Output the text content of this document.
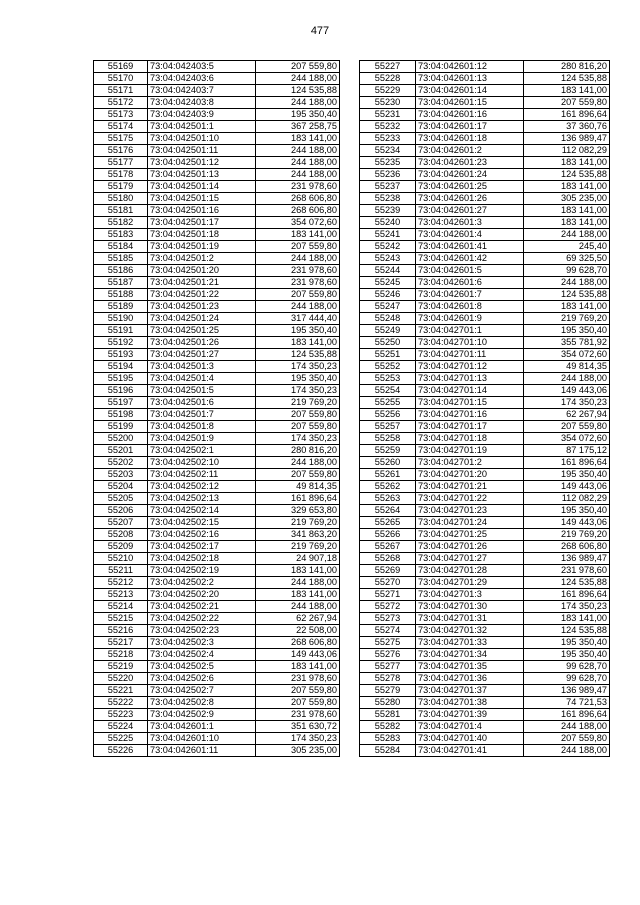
477
55169	73:04:042403:5	207 559,80
55170	73:04:042403:6	244 188,00
55171	73:04:042403:7	124 535,88
55172	73:04:042403:8	244 188,00
55173	73:04:042403:9	195 350,40
55174	73:04:042501:1	367 258,75
55175	73:04:042501:10	183 141,00
55176	73:04:042501:11	244 188,00
55177	73:04:042501:12	244 188,00
55178	73:04:042501:13	244 188,00
55179	73:04:042501:14	231 978,60
55180	73:04:042501:15	268 606,80
55181	73:04:042501:16	268 606,80
55182	73:04:042501:17	354 072,60
55183	73:04:042501:18	183 141,00
55184	73:04:042501:19	207 559,80
55185	73:04:042501:2	244 188,00
55186	73:04:042501:20	231 978,60
55187	73:04:042501:21	231 978,60
55188	73:04:042501:22	207 559,80
55189	73:04:042501:23	244 188,00
55190	73:04:042501:24	317 444,40
55191	73:04:042501:25	195 350,40
55192	73:04:042501:26	183 141,00
55193	73:04:042501:27	124 535,88
55194	73:04:042501:3	174 350,23
55195	73:04:042501:4	195 350,40
55196	73:04:042501:5	174 350,23
55197	73:04:042501:6	219 769,20
55198	73:04:042501:7	207 559,80
55199	73:04:042501:8	207 559,80
55200	73:04:042501:9	174 350,23
55201	73:04:042502:1	280 816,20
55202	73:04:042502:10	244 188,00
55203	73:04:042502:11	207 559,80
55204	73:04:042502:12	49 814,35
55205	73:04:042502:13	161 896,64
55206	73:04:042502:14	329 653,80
55207	73:04:042502:15	219 769,20
55208	73:04:042502:16	341 863,20
55209	73:04:042502:17	219 769,20
55210	73:04:042502:18	24 907,18
55211	73:04:042502:19	183 141,00
55212	73:04:042502:2	244 188,00
55213	73:04:042502:20	183 141,00
55214	73:04:042502:21	244 188,00
55215	73:04:042502:22	62 267,94
55216	73:04:042502:23	22 508,00
55217	73:04:042502:3	268 606,80
55218	73:04:042502:4	149 443,06
55219	73:04:042502:5	183 141,00
55220	73:04:042502:6	231 978,60
55221	73:04:042502:7	207 559,80
55222	73:04:042502:8	207 559,80
55223	73:04:042502:9	231 978,60
55224	73:04:042601:1	351 630,72
55225	73:04:042601:10	174 350,23
55226	73:04:042601:11	305 235,00
55227	73:04:042601:12	280 816,20
55228	73:04:042601:13	124 535,88
55229	73:04:042601:14	183 141,00
55230	73:04:042601:15	207 559,80
55231	73:04:042601:16	161 896,64
55232	73:04:042601:17	37 360,76
55233	73:04:042601:18	136 989,47
55234	73:04:042601:2	112 082,29
55235	73:04:042601:23	183 141,00
55236	73:04:042601:24	124 535,88
55237	73:04:042601:25	183 141,00
55238	73:04:042601:26	305 235,00
55239	73:04:042601:27	183 141,00
55240	73:04:042601:3	183 141,00
55241	73:04:042601:4	244 188,00
55242	73:04:042601:41	245,40
55243	73:04:042601:42	69 325,50
55244	73:04:042601:5	99 628,70
55245	73:04:042601:6	244 188,00
55246	73:04:042601:7	124 535,88
55247	73:04:042601:8	183 141,00
55248	73:04:042601:9	219 769,20
55249	73:04:042701:1	195 350,40
55250	73:04:042701:10	355 781,92
55251	73:04:042701:11	354 072,60
55252	73:04:042701:12	49 814,35
55253	73:04:042701:13	244 188,00
55254	73:04:042701:14	149 443,06
55255	73:04:042701:15	174 350,23
55256	73:04:042701:16	62 267,94
55257	73:04:042701:17	207 559,80
55258	73:04:042701:18	354 072,60
55259	73:04:042701:19	87 175,12
55260	73:04:042701:2	161 896,64
55261	73:04:042701:20	195 350,40
55262	73:04:042701:21	149 443,06
55263	73:04:042701:22	112 082,29
55264	73:04:042701:23	195 350,40
55265	73:04:042701:24	149 443,06
55266	73:04:042701:25	219 769,20
55267	73:04:042701:26	268 606,80
55268	73:04:042701:27	136 989,47
55269	73:04:042701:28	231 978,60
55270	73:04:042701:29	124 535,88
55271	73:04:042701:3	161 896,64
55272	73:04:042701:30	174 350,23
55273	73:04:042701:31	183 141,00
55274	73:04:042701:32	124 535,88
55275	73:04:042701:33	195 350,40
55276	73:04:042701:34	195 350,40
55277	73:04:042701:35	99 628,70
55278	73:04:042701:36	99 628,70
55279	73:04:042701:37	136 989,47
55280	73:04:042701:38	74 721,53
55281	73:04:042701:39	161 896,64
55282	73:04:042701:4	244 188,00
55283	73:04:042701:40	207 559,80
55284	73:04:042701:41	244 188,00
